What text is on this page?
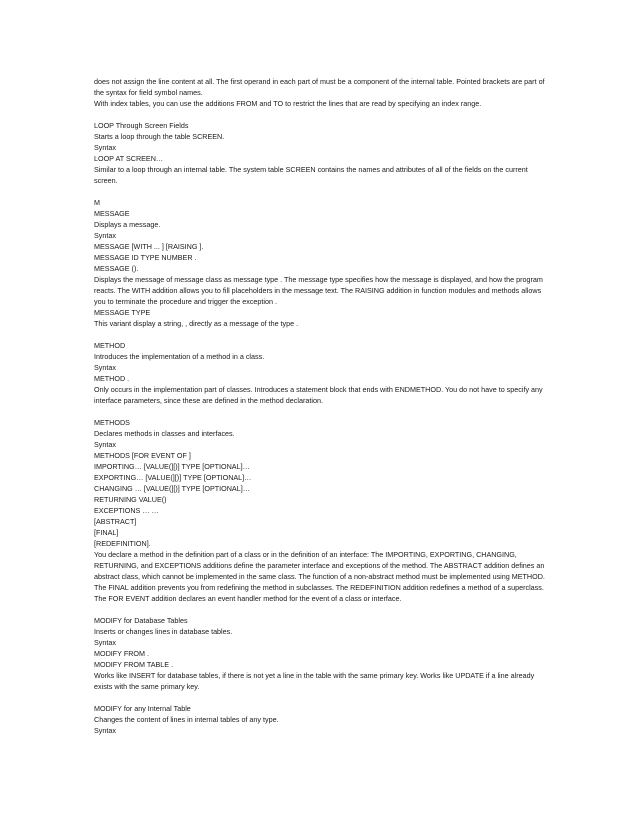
does not assign the line content at all. The first operand in each part of must be a component of the internal table. Pointed brackets are part of the syntax for field symbol names.
With index tables, you can use the additions FROM and TO to restrict the lines that are read by specifying an index range.
LOOP Through Screen Fields
Starts a loop through the table SCREEN.
Syntax
LOOP AT SCREEN…
Similar to a loop through an internal table. The system table SCREEN contains the names and attributes of all of the fields on the current screen.
M
MESSAGE
Displays a message.
Syntax
MESSAGE [WITH ... ] [RAISING ].
MESSAGE ID TYPE NUMBER .
MESSAGE ().
Displays the message of message class as message type . The message type specifies how the message is displayed, and how the program reacts. The WITH addition allows you to fill placeholders in the message text. The RAISING addition in function modules and methods allows you to terminate the procedure and trigger the exception .
MESSAGE TYPE
This variant display a string, , directly as a message of the type .
METHOD
Introduces the implementation of a method in a class.
Syntax
METHOD .
Only occurs in the implementation part of classes. Introduces a statement block that ends with ENDMETHOD. You do not have to specify any interface parameters, since these are defined in the method declaration.
METHODS
Declares methods in classes and interfaces.
Syntax
METHODS [FOR EVENT OF ]
IMPORTING… [VALUE(][)] TYPE [OPTIONAL]…
EXPORTING… [VALUE(][)] TYPE [OPTIONAL]…
CHANGING … [VALUE(][)] TYPE [OPTIONAL]…
RETURNING VALUE()
EXCEPTIONS … …
[ABSTRACT]
[FINAL]
[REDEFINITION].
You declare a method in the definition part of a class or in the definition of an interface: The IMPORTING, EXPORTING, CHANGING, RETURNING, and EXCEPTIONS additions define the parameter interface and exceptions of the method. The ABSTRACT addition defines an abstract class, which cannot be implemented in the same class. The function of a non-abstract method must be implemented using METHOD. The FINAL addition prevents you from redefining the method in subclasses. The REDEFINITION addition redefines a method of a superclass. The FOR EVENT addition declares an event handler method for the event of a class or interface.
MODIFY for Database Tables
Inserts or changes lines in database tables.
Syntax
MODIFY FROM .
MODIFY FROM TABLE .
Works like INSERT for database tables, if there is not yet a line in the table with the same primary key. Works like UPDATE if a line already exists with the same primary key.
MODIFY for any Internal Table
Changes the content of lines in internal tables of any type.
Syntax
